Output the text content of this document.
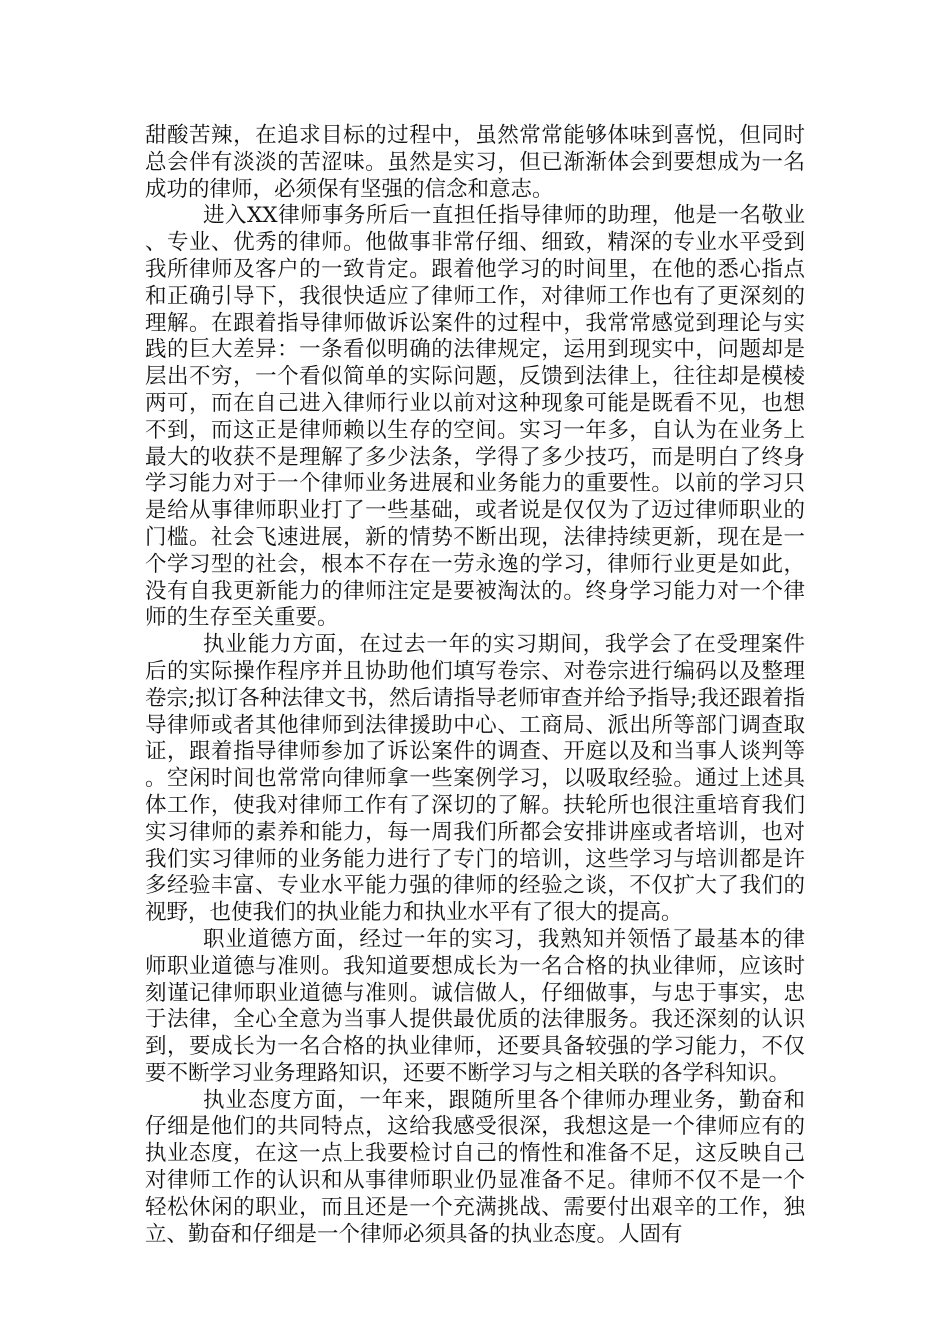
甜酸苦辣，在追求目标的过程中，虽然常常能够体味到喜悦，但同时总会伴有淡淡的苦涩味。虽然是实习，但已渐渐体会到要想成为一名成功的律师，必须保有坚强的信念和意志。

进入XX律师事务所后一直担任指导律师的助理，他是一名敬业、专业、优秀的律师。他做事非常仔细、细致，精深的专业水平受到我所律师及客户的一致肯定。跟着他学习的时间里，在他的悉心指点和正确引导下，我很快适应了律师工作，对律师工作也有了更深刻的理解。在跟着指导律师做诉讼案件的过程中，我常常感觉到理论与实践的巨大差异：一条看似明确的法律规定，运用到现实中，问题却是层出不穷，一个看似简单的实际问题，反馈到法律上，往往却是模棱两可，而在自己进入律师行业以前对这种现象可能是既看不见，也想不到，而这正是律师赖以生存的空间。实习一年多，自认为在业务上最大的收获不是理解了多少法条，学得了多少技巧，而是明白了终身学习能力对于一个律师业务进展和业务能力的重要性。以前的学习只是给从事律师职业打了一些基础，或者说是仅仅为了迈过律师职业的门槛。社会飞速进展，新的情势不断出现，法律持续更新，现在是一个学习型的社会，根本不存在一劳永逸的学习，律师行业更是如此，没有自我更新能力的律师注定是要被淘汰的。终身学习能力对一个律师的生存至关重要。

执业能力方面，在过去一年的实习期间，我学会了在受理案件后的实际操作程序并且协助他们填写卷宗、对卷宗进行编码以及整理卷宗;拟订各种法律文书，然后请指导老师审查并给予指导;我还跟着指导律师或者其他律师到法律援助中心、工商局、派出所等部门调查取证，跟着指导律师参加了诉讼案件的调查、开庭以及和当事人谈判等。空闲时间也常常向律师拿一些案例学习，以吸取经验。通过上述具体工作，使我对律师工作有了深切的了解。扶轮所也很注重培育我们实习律师的素养和能力，每一周我们所都会安排讲座或者培训，也对我们实习律师的业务能力进行了专门的培训，这些学习与培训都是许多经验丰富、专业水平能力强的律师的经验之谈，不仅扩大了我们的视野，也使我们的执业能力和执业水平有了很大的提高。

职业道德方面，经过一年的实习，我熟知并领悟了最基本的律师职业道德与准则。我知道要想成长为一名合格的执业律师，应该时刻谨记律师职业道德与准则。诚信做人，仔细做事，与忠于事实，忠于法律，全心全意为当事人提供最优质的法律服务。我还深刻的认识到，要成长为一名合格的执业律师，还要具备较强的学习能力，不仅要不断学习业务理路知识，还要不断学习与之相关联的各学科知识。

执业态度方面，一年来，跟随所里各个律师办理业务，勤奋和仔细是他们的共同特点，这给我感受很深，我想这是一个律师应有的执业态度，在这一点上我要检讨自己的惰性和准备不足，这反映自己对律师工作的认识和从事律师职业仍显准备不足。律师不仅不是一个轻松休闲的职业，而且还是一个充满挑战、需要付出艰辛的工作，独立、勤奋和仔细是一个律师必须具备的执业态度。人固有
